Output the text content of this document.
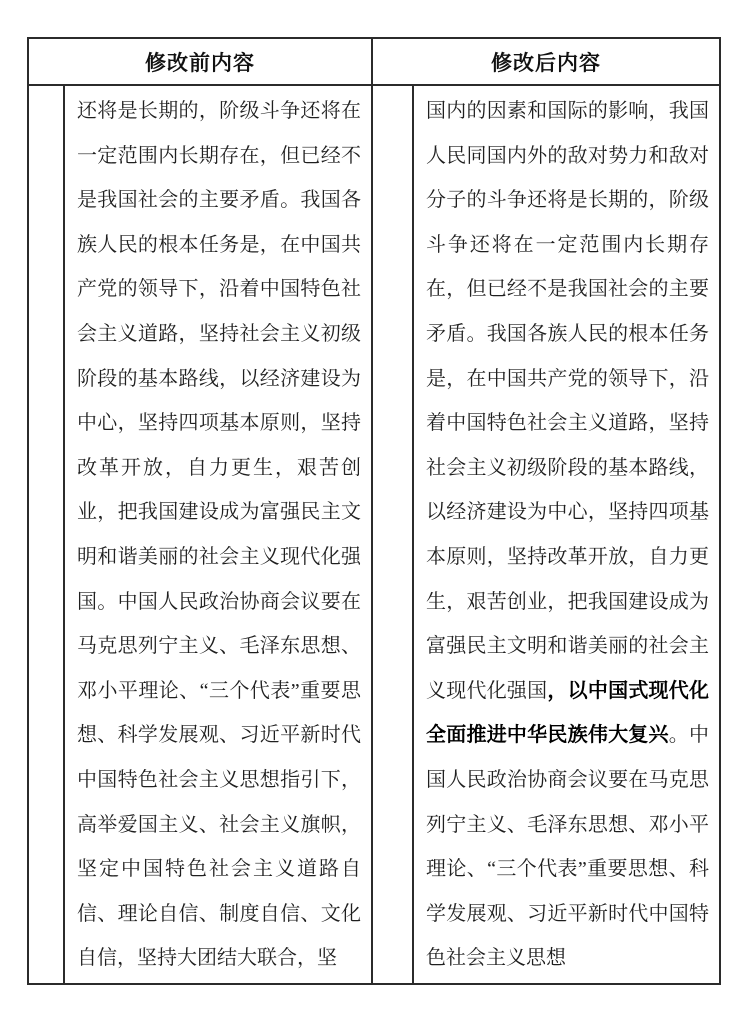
修改前内容	修改后内容
还将是长期的，阶级斗争还将在一定范围内长期存在，但已经不是我国社会的主要矛盾。我国各族人民的根本任务是，在中国共产党的领导下，沿着中国特色社会主义道路，坚持社会主义初级阶段的基本路线，以经济建设为中心，坚持四项基本原则，坚持改革开放，自力更生，艰苦创业，把我国建设成为富强民主文明和谐美丽的社会主义现代化强国。中国人民政治协商会议要在马克思列宁主义、毛泽东思想、邓小平理论、“三个代表”重要思想、科学发展观、习近平新时代中国特色社会主义思想指引下，高举爱国主义、社会主义旗帜，坚定中国特色社会主义道路自信、理论自信、制度自信、文化自信，坚持大团结大联合，坚
国内的因素和国际的影响，我国人民同国内外的敌对势力和敌对分子的斗争还将是长期的，阶级斗争还将在一定范围内长期存在，但已经不是我国社会的主要矛盾。我国各族人民的根本任务是，在中国共产党的领导下，沿着中国特色社会主义道路，坚持社会主义初级阶段的基本路线，以经济建设为中心，坚持四项基本原则，坚持改革开放，自力更生，艰苦创业，把我国建设成为富强民主文明和谐美丽的社会主义现代化强国，以中国式现代化全面推进中华民族伟大复兴。中国人民政治协商会议要在马克思列宁主义、毛泽东思想、邓小平理论、“三个代表”重要思想、科学发展观、习近平新时代中国特色社会主义思想
